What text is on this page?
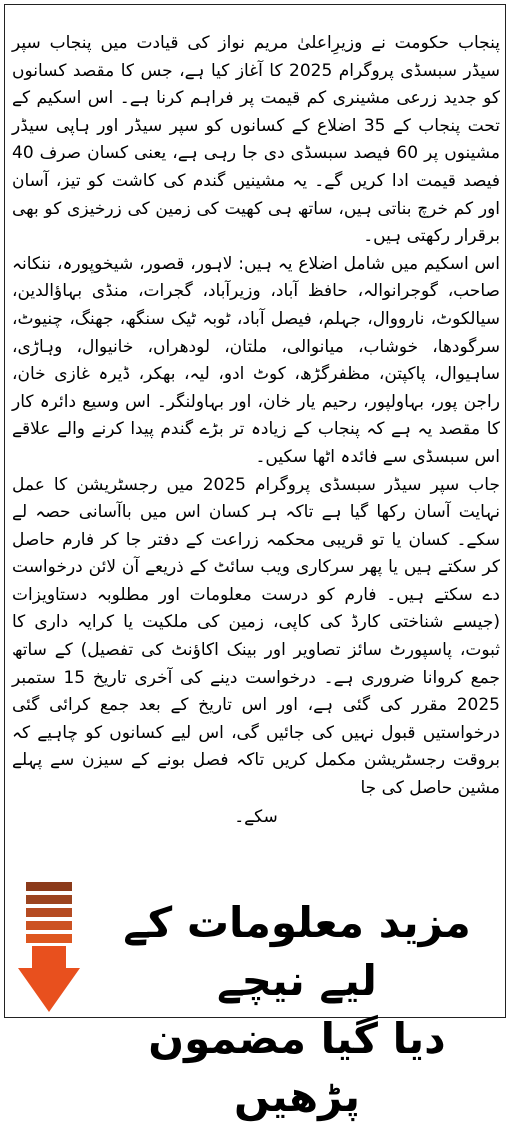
پنجاب حکومت نے وزیرِاعلیٰ مریم نواز کی قیادت میں پنجاب سپر سیڈر سبسڈی پروگرام 2025 کا آغاز کیا ہے، جس کا مقصد کسانوں کو جدید زرعی مشینری کم قیمت پر فراہم کرنا ہے۔ اس اسکیم کے تحت پنجاب کے 35 اضلاع کے کسانوں کو سپر سیڈر اور ہاپی سیڈر مشینوں پر 60 فیصد سبسڈی دی جا رہی ہے، یعنی کسان صرف 40 فیصد قیمت ادا کریں گے۔ یہ مشینیں گندم کی کاشت کو تیز، آسان اور کم خرچ بناتی ہیں، ساتھ ہی کھیت کی زمین کی زرخیزی کو بھی برقرار رکھتی ہیں۔

اس اسکیم میں شامل اضلاع یہ ہیں: لاہور، قصور، شیخوپورہ، ننکانہ صاحب، گوجرانوالہ، حافظ آباد، وزیرآباد، گجرات، منڈی بہاؤالدین، سیالکوٹ، نارووال، جہلم، فیصل آباد، ٹوبہ ٹیک سنگھ، جھنگ، چنیوٹ، سرگودھا، خوشاب، میانوالی، ملتان، لودھراں، خانیوال، وہاڑی، ساہیوال، پاکپتن، مظفرگڑھ، کوٹ ادو، لیہ، بھکر، ڈیرہ غازی خان، راجن پور، بہاولپور، رحیم یار خان، اور بہاولنگر۔ اس وسیع دائرہ کار کا مقصد یہ ہے کہ پنجاب کے زیادہ تر بڑے گندم پیدا کرنے والے علاقے اس سبسڈی سے فائدہ اٹھا سکیں۔

جاب سپر سیڈر سبسڈی پروگرام 2025 میں رجسٹریشن کا عمل نہایت آسان رکھا گیا ہے تاکہ ہر کسان اس میں باآسانی حصہ لے سکے۔ کسان یا تو قریبی محکمہ زراعت کے دفتر جا کر فارم حاصل کر سکتے ہیں یا پھر سرکاری ویب سائٹ کے ذریعے آن لائن درخواست دے سکتے ہیں۔ فارم کو درست معلومات اور مطلوبہ دستاویزات (جیسے شناختی کارڈ کی کاپی، زمین کی ملکیت یا کرایہ داری کا ثبوت، پاسپورٹ سائز تصاویر اور بینک اکاؤنٹ کی تفصیل) کے ساتھ جمع کروانا ضروری ہے۔ درخواست دینے کی آخری تاریخ 15 ستمبر 2025 مقرر کی گئی ہے، اور اس تاریخ کے بعد جمع کرائی گئی درخواستیں قبول نہیں کی جائیں گی، اس لیے کسانوں کو چاہیے کہ بروقت رجسٹریشن مکمل کریں تاکہ فصل بونے کے سیزن سے پہلے مشین حاصل کی جا

سکے۔

مزید معلومات کے لیے نیچے
دیا گیا مضمون پڑھیں
